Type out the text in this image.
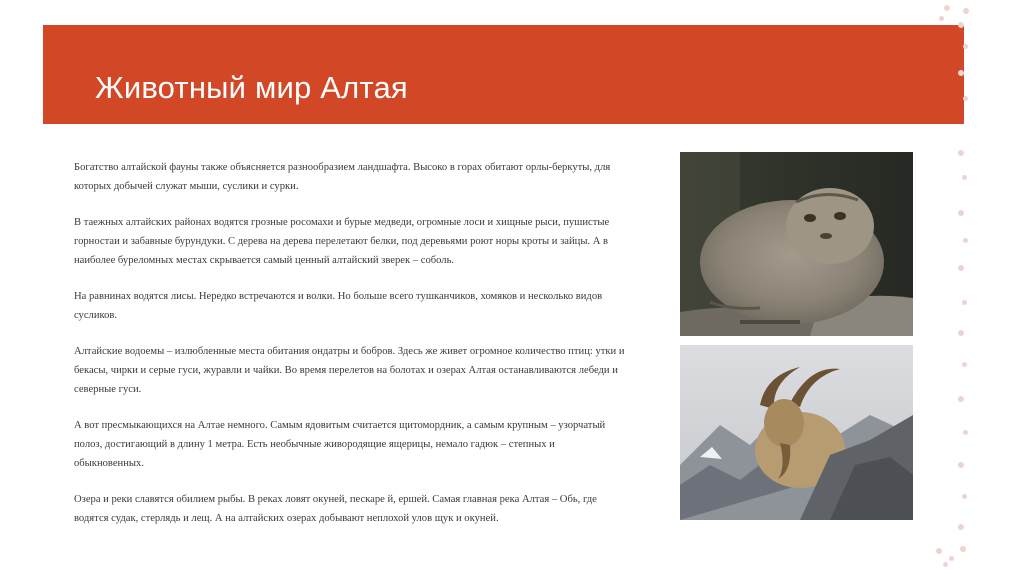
Животный мир Алтая

Богатство алтайской фауны также объясняется разнообразием ландшафта. Высоко в горах обитают орлы-беркуты, для которых добычей служат мыши, суслики и сурки.

В таежных алтайских районах водятся грозные росомахи и бурые медведи, огромные лоси и хищные рыси, пушистые горностаи и забавные бурундуки. С дерева на дерева перелетают белки, под деревьями роют норы кроты и зайцы. А в наиболее буреломных местах скрывается самый ценный алтайский зверек – соболь.

На равнинах водятся лисы. Нередко встречаются и волки. Но больше всего тушканчиков, хомяков и несколько видов сусликов.

Алтайские водоемы – излюбленные места обитания ондатры и бобров. Здесь же живет огромное количество птиц: утки и бекасы, чирки и серые гуси, журавли и чайки. Во время перелетов на болотах и озерах Алтая останавливаются лебеди и северные гуси.

А вот пресмыкающихся на Алтае немного. Самым ядовитым считается щитомордник, а самым крупным – узорчатый полоз, достигающий в длину 1 метра. Есть необычные живородящие ящерицы, немало гадюк – степных и обыкновенных.

Озера и реки славятся обилием рыбы. В реках ловят окуней, пескаре й, ершей. Самая главная река Алтая – Обь, где водятся судак, стерлядь и лещ. А на алтайских озерах добывают неплохой улов щук и окуней.
